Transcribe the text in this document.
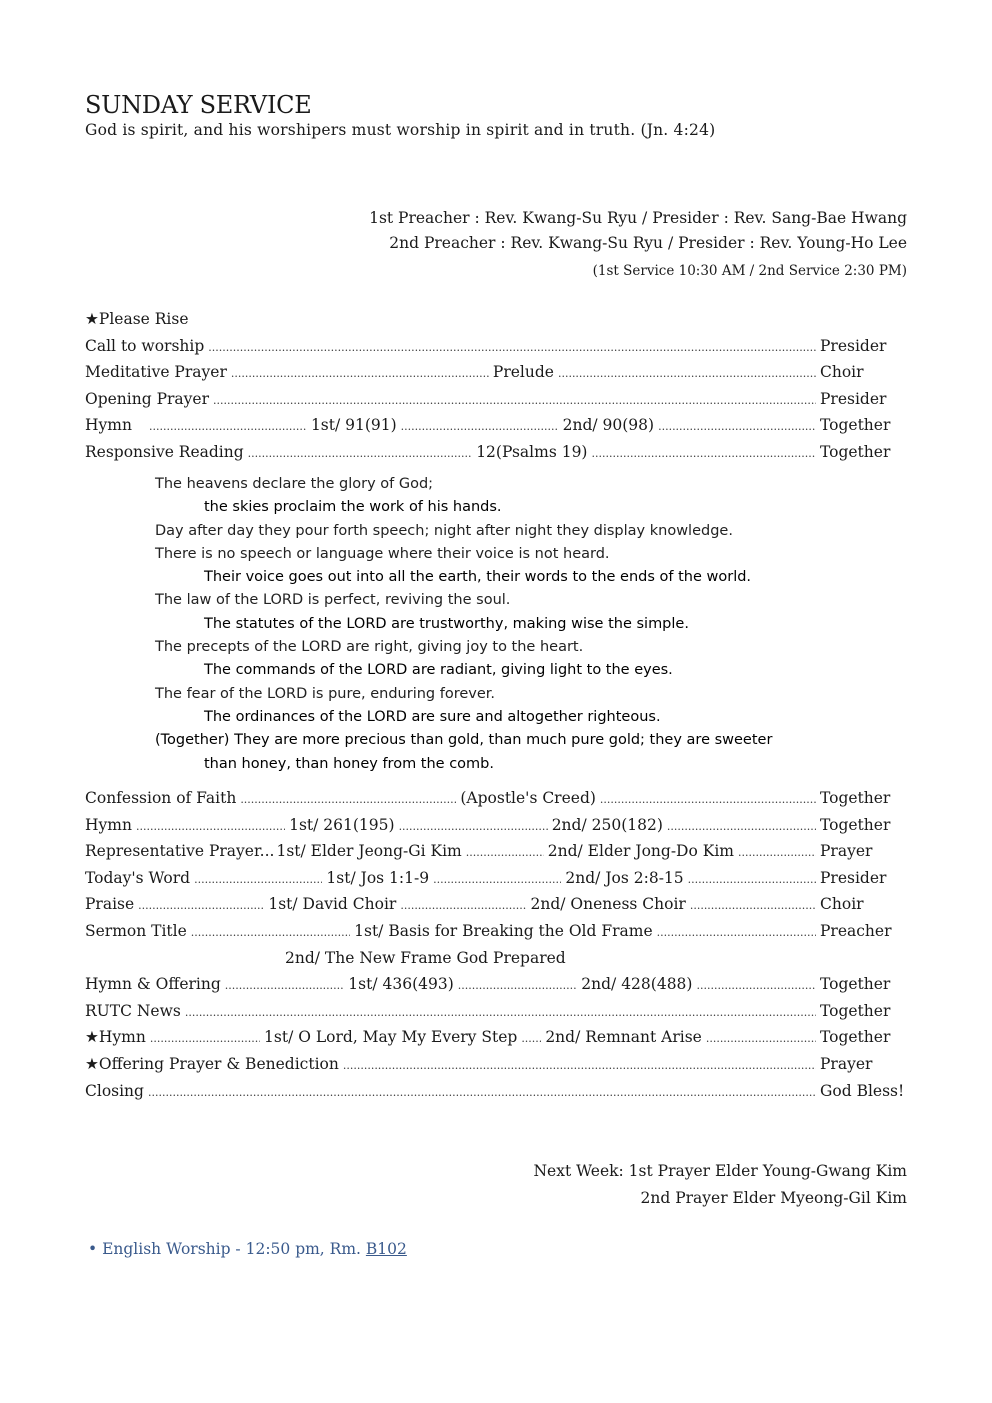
SUNDAY SERVICE
God is spirit, and his worshipers must worship in spirit and in truth. (Jn. 4:24)
1st Preacher : Rev. Kwang-Su Ryu / Presider : Rev. Sang-Bae Hwang
2nd Preacher : Rev. Kwang-Su Ryu / Presider : Rev. Young-Ho Lee
(1st Service 10:30 AM / 2nd Service 2:30 PM)
★Please Rise
Call to worship .....	Presider
Meditative Prayer .....	Prelude .....	Choir
Opening Prayer .....	Presider
Hymn .....	1st/ 91(91) .....	2nd/ 90(98) .....	Together
Responsive Reading .....	12(Psalms 19) .....	Together
The heavens declare the glory of God;
the skies proclaim the work of his hands.
Day after day they pour forth speech; night after night they display knowledge.
There is no speech or language where their voice is not heard.
Their voice goes out into all the earth, their words to the ends of the world.
The law of the LORD is perfect, reviving the soul.
The statutes of the LORD are trustworthy, making wise the simple.
The precepts of the LORD are right, giving joy to the heart.
The commands of the LORD are radiant, giving light to the eyes.
The fear of the LORD is pure, enduring forever.
The ordinances of the LORD are sure and altogether righteous.
(Together) They are more precious than gold, than much pure gold; they are sweeter
than honey, than honey from the comb.
Confession of Faith .....	(Apostle's Creed) .....	Together
Hymn .....	1st/ 261(195) .....	2nd/ 250(182) .....	Together
Representative Prayer... 1st/ Elder Jeong-Gi Kim .....	2nd/ Elder Jong-Do Kim .....	Prayer
Today's Word .....	1st/ Jos 1:1-9 .....	2nd/ Jos 2:8-15 .....	Presider
Praise .....	1st/ David Choir .....	2nd/ Oneness Choir .....	Choir
Sermon Title .....	1st/ Basis for Breaking the Old Frame .....	Preacher
2nd/ The New Frame God Prepared
Hymn & Offering .....	1st/ 436(493) .....	2nd/ 428(488) .....	Together
RUTC News .....	Together
★Hymn .....	1st/ O Lord, May My Every Step ..... 2nd/ Remnant Arise .....	Together
★Offering Prayer & Benediction .....	Prayer
Closing .....	God Bless!
Next Week: 1st Prayer Elder Young-Gwang Kim
2nd Prayer Elder Myeong-Gil Kim
• English Worship - 12:50 pm, Rm. B102
